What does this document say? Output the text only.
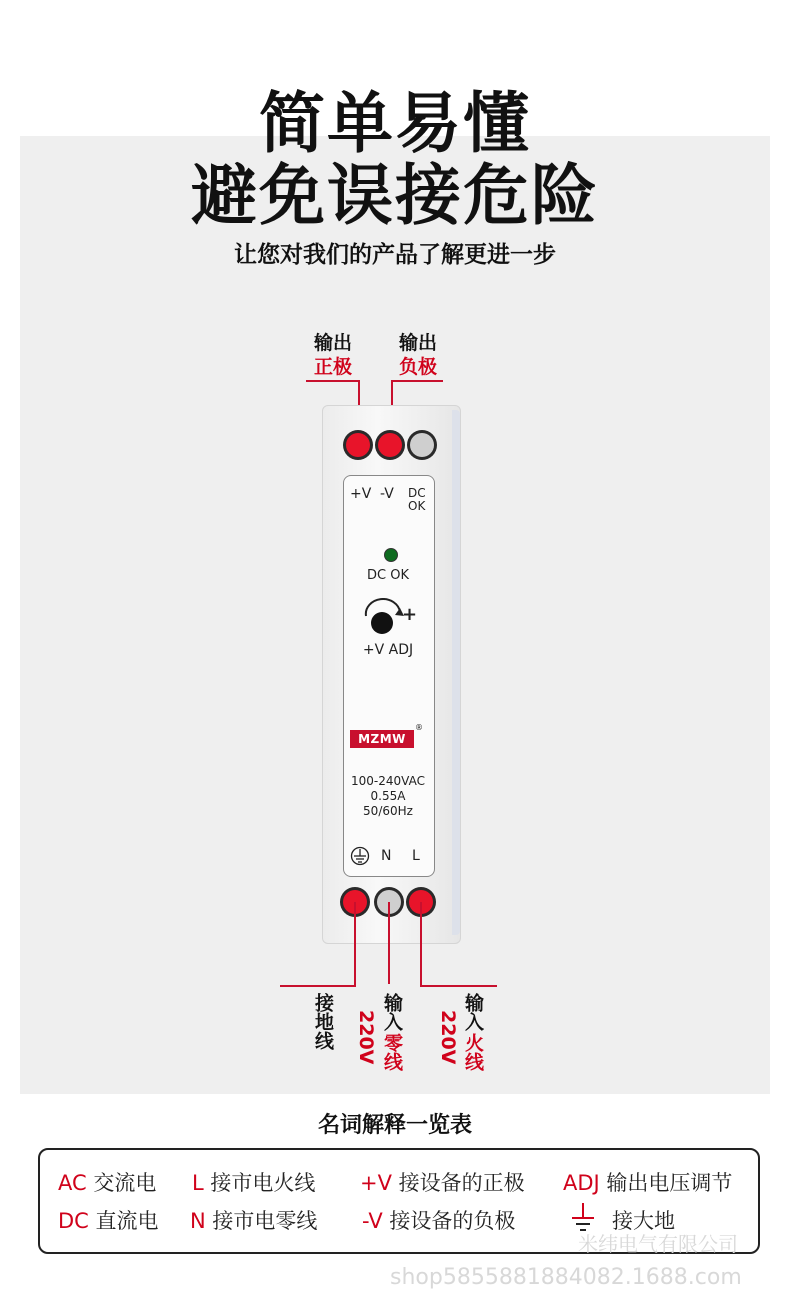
简单易懂
避免误接危险
让您对我们的产品了解更进一步
输出
正极
输出
负极
+V -V DC
OK
DC OK
+
+V ADJ
MZMW
®
100-240VAC
0.55A
50/60Hz
N L
接地线 220V 输入
零线 220V 输入
火线
名词解释一览表
AC 交流电
DC 直流电
L 接市电火线
N 接市电零线
+V 接设备的正极
-V 接设备的负极
ADJ 输出电压调节
接大地
米纬电气有限公司
shop5855881884082.1688.com
